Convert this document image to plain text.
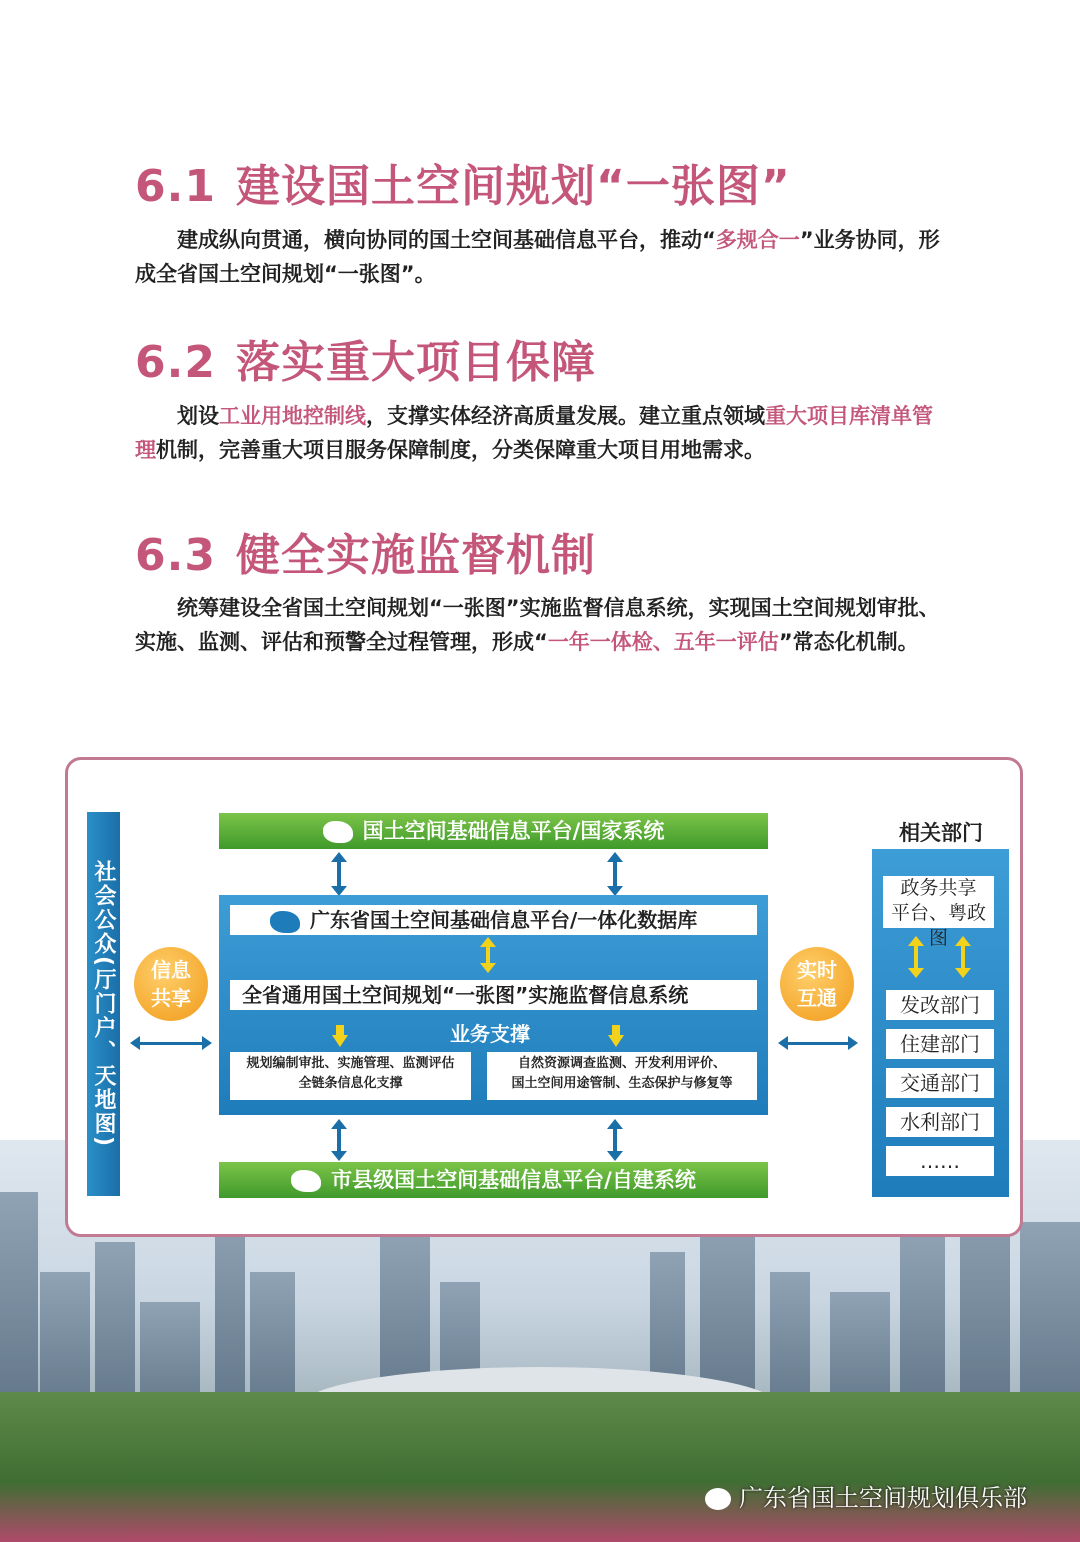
6.1 建设国土空间规划“一张图”
建成纵向贯通，横向协同的国土空间基础信息平台，推动“多规合一”业务协同，形成全省国土空间规划“一张图”。
6.2 落实重大项目保障
划设工业用地控制线，支撑实体经济高质量发展。建立重点领域重大项目库清单管理机制，完善重大项目服务保障制度，分类保障重大项目用地需求。
6.3 健全实施监督机制
统筹建设全省国土空间规划“一张图”实施监督信息系统，实现国土空间规划审批、实施、监测、评估和预警全过程管理，形成“一年一体检、五年一评估”常态化机制。
广东省国土空间规划俱乐部
社会公众(厅门户、天地图) 信息
共享
实时
互通
国土空间基础信息平台/国家系统
广东省国土空间基础信息平台/一体化数据库
全省通用国土空间规划“一张图”实施监督信息系统
业务支撑
规划编制审批、实施管理、监测评估
全链条信息化支撑
自然资源调查监测、开发利用评价、
国土空间用途管制、生态保护与修复等
市县级国土空间基础信息平台/自建系统
相关部门
政务共享
平台、粤政图
发改部门
住建部门
交通部门
水利部门
……
